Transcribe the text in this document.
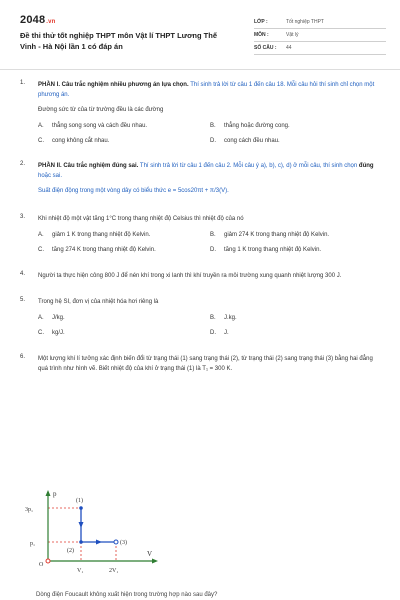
2048.vn
Đề thi thử tốt nghiệp THPT môn Vật lí THPT Lương Thế Vinh - Hà Nội lần 1 có đáp án
LỚP :	Tốt nghiệp THPT
MÔN :	Vật lý
SỐ CÂU :	44
1. PHẦN I. Câu trắc nghiệm nhiều phương án lựa chọn. Thí sinh trả lời từ câu 1 đến câu 18. Mỗi câu hỏi thí sinh chỉ chọn một phương án.
Đường sức từ của từ trường đều là các đường
A.	thẳng song song và cách đều nhau.	B.	thẳng hoặc đường cong.
C.	cong không cắt nhau.	D.	cong cách đều nhau.
2. PHẦN II. Câu trắc nghiệm đúng sai. Thí sinh trả lời từ câu 1 đến câu 2. Mỗi câu ý a), b), c), d) ở mỗi câu, thí sinh chọn đúng hoặc sai.
Suất điện động trong một vòng dây có biểu thức e = 5cos20πt + π/3(V).
3. Khi nhiệt độ một vật tăng 1°C trong thang nhiệt độ Celsius thì nhiệt độ của nó
A.	giảm 1 K trong thang nhiệt độ Kelvin.	B.	giảm 274 K trong thang nhiệt độ Kelvin.
C.	tăng 274 K trong thang nhiệt độ Kelvin.	D.	tăng 1 K trong thang nhiệt độ Kelvin.
4. Người ta thực hiện công 800 J để nén khí trong xi lanh thì khí truyền ra môi trường xung quanh nhiệt lượng 300 J.
5. Trong hệ SI, đơn vị của nhiệt hóa hơi riêng là
A.	J/kg.	B.	J.kg.
C.	kg/J.	D.	J.
6. Một lượng khí lí tưởng xác định biến đổi từ trạng thái (1) sang trạng thái (2), từ trạng thái (2) sang trạng thái (3) bằng hai đẳng quá trình như hình vẽ. Biết nhiệt độ của khí ở trạng thái (1) là T₁ = 300 K.
p
V
3p₁
p₁
(1)
(2)
(3)
O
V₁	2V₁
Dòng điện Foucault không xuất hiện trong trường hợp nào sau đây?
